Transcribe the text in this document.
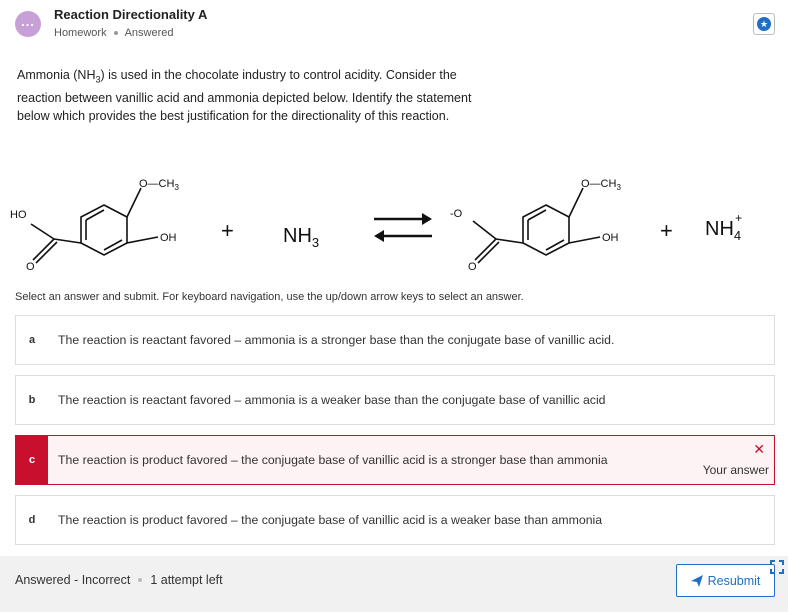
... Reaction Directionality A
Homework Answered
★
Ammonia $(NH_3)$ is used in the chocolate industry to control acidity. Consider the reaction between vanillic acid and ammonia depicted below. Identify the statement below which provides the best justification for the directionality of this reaction.
$O—CH_3$
HO
OH
O
+ $NH_3$
$O—CH_3$
-O
OH
O
+ $NH_4+$
Select an answer and submit. For keyboard navigation, use the up/down arrow keys to select an answer.
a	The reaction is reactant favored – ammonia is a stronger base than the conjugate base of vanillic acid.
b	The reaction is reactant favored – ammonia is a weaker base than the conjugate base of vanillic acid
c	The reaction is product favored – the conjugate base of vanillic acid is a stronger base than ammonia
✕
Your answer
d	The reaction is product favored – the conjugate base of vanillic acid is a weaker base than ammonia
Answered - Incorrect 1 attempt left	Resubmit
